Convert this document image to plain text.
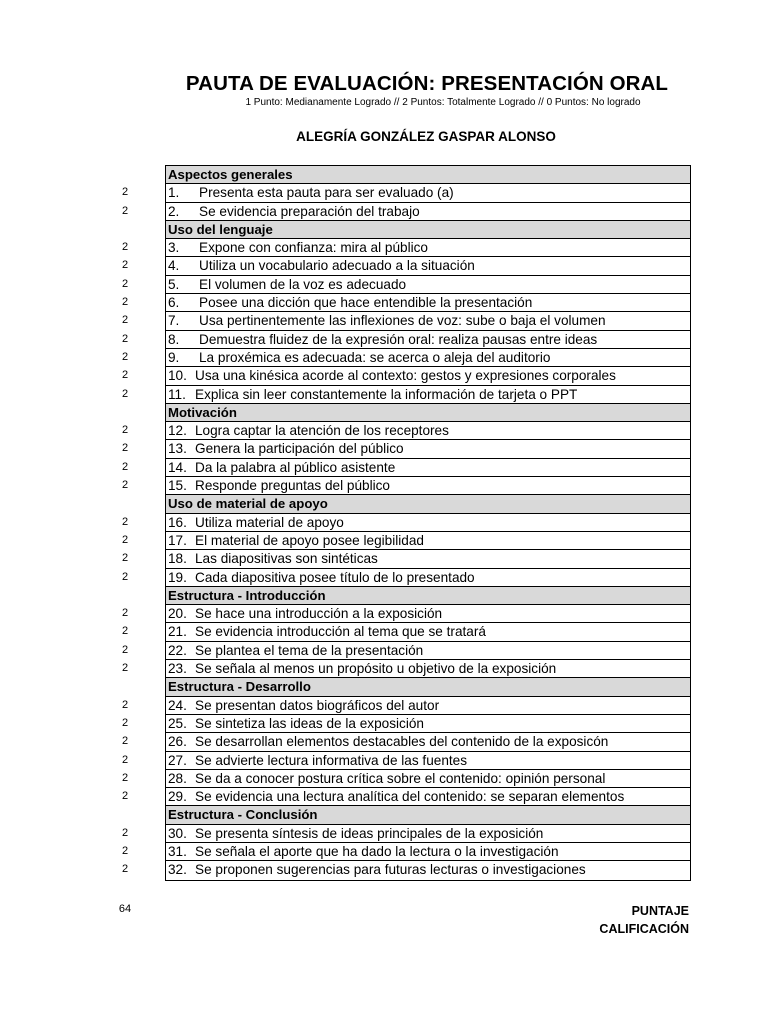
PAUTA DE EVALUACIÓN: PRESENTACIÓN ORAL
1 Punto: Medianamente Logrado // 2 Puntos: Totalmente Logrado // 0 Puntos: No logrado
ALEGRÍA GONZÁLEZ GASPAR ALONSO
2
2
2
2
2
2
2
2
2
2
2
2
2
2
2
2
2
2
2
2
2
2
2
2
2
2
2
2
2
2
2
2
Aspectos generales
1. Presenta esta pauta para ser evaluado (a)
2. Se evidencia preparación del trabajo
Uso del lenguaje
3. Expone con confianza: mira al público
4. Utiliza un vocabulario adecuado a la situación
5. El volumen de la voz es adecuado
6. Posee una dicción que hace entendible la presentación
7. Usa pertinentemente las inflexiones de voz: sube o baja el volumen
8. Demuestra fluidez de la expresión oral: realiza pausas entre ideas
9. La proxémica es adecuada: se acerca o aleja del auditorio
10. Usa una kinésica acorde al contexto: gestos y expresiones corporales
11. Explica sin leer constantemente la información de tarjeta o PPT
Motivación
12. Logra captar la atención de los receptores
13. Genera la participación del público
14. Da la palabra al público asistente
15. Responde preguntas del público
Uso de material de apoyo
16. Utiliza material de apoyo
17. El material de apoyo posee legibilidad
18. Las diapositivas son sintéticas
19. Cada diapositiva posee título de lo presentado
Estructura - Introducción
20. Se hace una introducción a la exposición
21. Se evidencia introducción al tema que se tratará
22. Se plantea el tema de la presentación
23. Se señala al menos un propósito u objetivo de la exposición
Estructura - Desarrollo
24. Se presentan datos biográficos del autor
25. Se sintetiza las ideas de la exposición
26. Se desarrollan elementos destacables del contenido de la exposicón
27. Se advierte lectura informativa de las fuentes
28. Se da a conocer postura crítica sobre el contenido: opinión personal
29. Se evidencia una lectura analítica del contenido: se separan elementos
Estructura - Conclusión
30. Se presenta síntesis de ideas principales de la exposición
31. Se señala el aporte que ha dado la lectura o la investigación
32. Se proponen sugerencias para futuras lecturas o investigaciones
64	PUNTAJE
CALIFICACIÓN
